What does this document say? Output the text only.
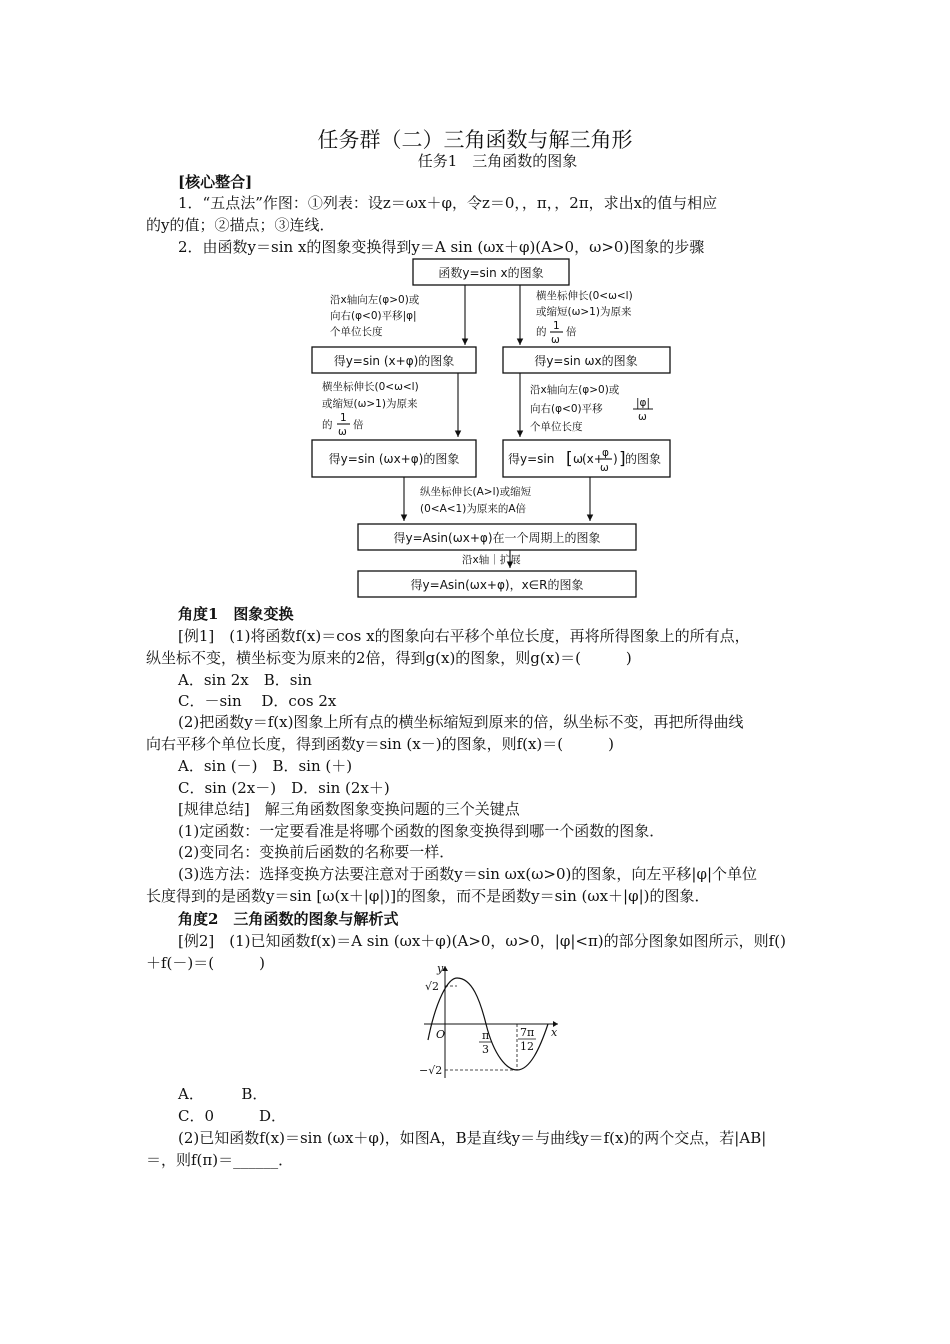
任务群（二）三角函数与解三角形
任务1　三角函数的图象
[核心整合]
1．“五点法”作图：①列表：设z＝ωx＋φ，令z＝0，，π，，2π，求出x的值与相应
的y的值；②描点；③连线．
2．由函数y＝sin x的图象变换得到y＝A sin (ωx＋φ)(A>0，ω>0)图象的步骤
函数y=sin x的图象
沿x轴向左(φ>0)或
向右(φ<0)平移|φ|
个单位长度
横坐标伸长(0<ω<l)
或缩短(ω>1)为原来
的 1
ω
倍
得y=sin (x+φ)的图象	得y=sin ωx的图象
横坐标伸长(0<ω<l)
或缩短(ω>1)为原来
的
1
ω
倍
沿x轴向左(φ>0)或
向右(φ<0)平移	|φ|
ω
个单位长度
得y=sin (ωx+φ)的图象	得y=sin [ ω
(x+
φ
ω
) ] 的图象
纵坐标伸长(A>l)或缩短
(0<A<1)为原来的A倍
得y=Asin(ωx+φ)在一个周期上的图象
沿x轴｜扩展
得y=Asin(ωx+φ)，x∈R的图象
角度1　图象变换
[例1]　(1)将函数f(x)＝cos x的图象向右平移个单位长度，再将所得图象上的所有点，
纵坐标不变，横坐标变为原来的2倍，得到g(x)的图象，则g(x)＝(　　　)
A．sin 2x　B．sin
C．－sin　 D．cos 2x
(2)把函数y＝f(x)图象上所有点的横坐标缩短到原来的倍，纵坐标不变，再把所得曲线
向右平移个单位长度，得到函数y＝sin (x－)的图象，则f(x)＝(　　　)
A．sin (－)　B．sin (＋)
C．sin (2x－)　D．sin (2x＋)
[规律总结]　解三角函数图象变换问题的三个关键点
(1)定函数：一定要看准是将哪个函数的图象变换得到哪一个函数的图象．
(2)变同名：变换前后函数的名称要一样．
(3)选方法：选择变换方法要注意对于函数y＝sin ωx(ω>0)的图象，向左平移|φ|个单位
长度得到的是函数y＝sin [ω(x＋|φ|)]的图象，而不是函数y＝sin (ωx＋|φ|)的图象．
角度2　三角函数的图象与解析式
[例2]　(1)已知函数f(x)＝A sin (ωx＋φ)(A>0，ω>0，|φ|<π)的部分图象如图所示，则f()
＋f(－)＝(　　　)	y
x
O
√2
−√2
π
3
7π
12
A．　　　B．
C．0　　　D．
(2)已知函数f(x)＝sin (ωx＋φ)，如图A，B是直线y＝与曲线y＝f(x)的两个交点，若|AB|
＝，则f(π)＝______．
